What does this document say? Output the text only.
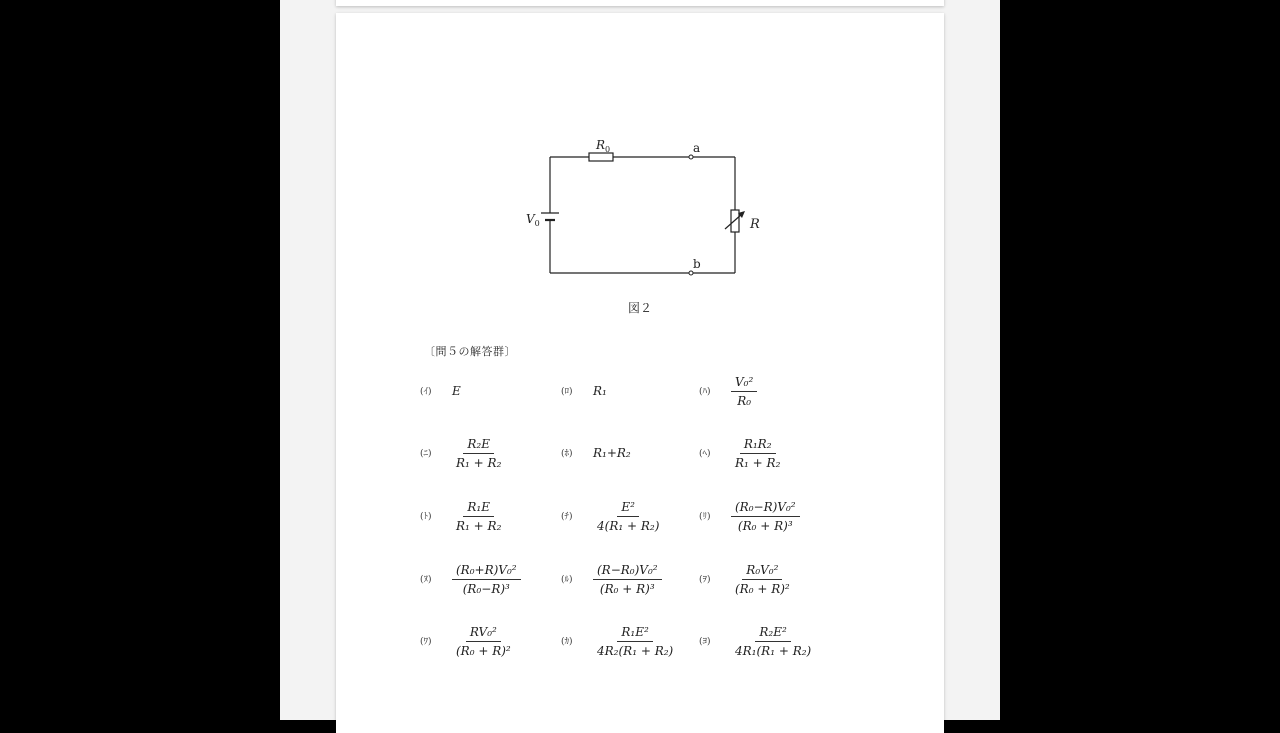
$R_0$
$V_0$
a
b
R
図２
〔問５の解答群〕
(ｲ) E	(ﾛ) R₁	(ﾊ) $\frac{\text{V₀²}}{\text{R₀}}$
(ﾆ) $\frac{\text{R₂E}}{\text{R₁ + R₂}}$	(ﾎ) R₁+R₂	(ﾍ) $\frac{\text{R₁R₂}}{\text{R₁ + R₂}}$
(ﾄ) $\frac{\text{R₁E}}{\text{R₁ + R₂}}$	(ﾁ) $\frac{\text{E²}}{\text{4(R₁ + R₂)}}$	(ﾘ) $\frac{\text{(R₀−R)V₀²}}{\text{(R₀ + R)³}}$
(ﾇ) $\frac{\text{(R₀+R)V₀²}}{\text{(R₀−R)³}}$	(ﾙ) $\frac{\text{(R−R₀)V₀²}}{\text{(R₀ + R)³}}$	(ｦ) $\frac{\text{R₀V₀²}}{\text{(R₀ + R)²}}$
(ﾜ) $\frac{\text{RV₀²}}{\text{(R₀ + R)²}}$	(ｶ) $\frac{\text{R₁E²}}{\text{4R₂(R₁ + R₂)}}$ (ﾖ) $\frac{\text{R₂E²}}{\text{4R₁(R₁ + R₂)}}$
